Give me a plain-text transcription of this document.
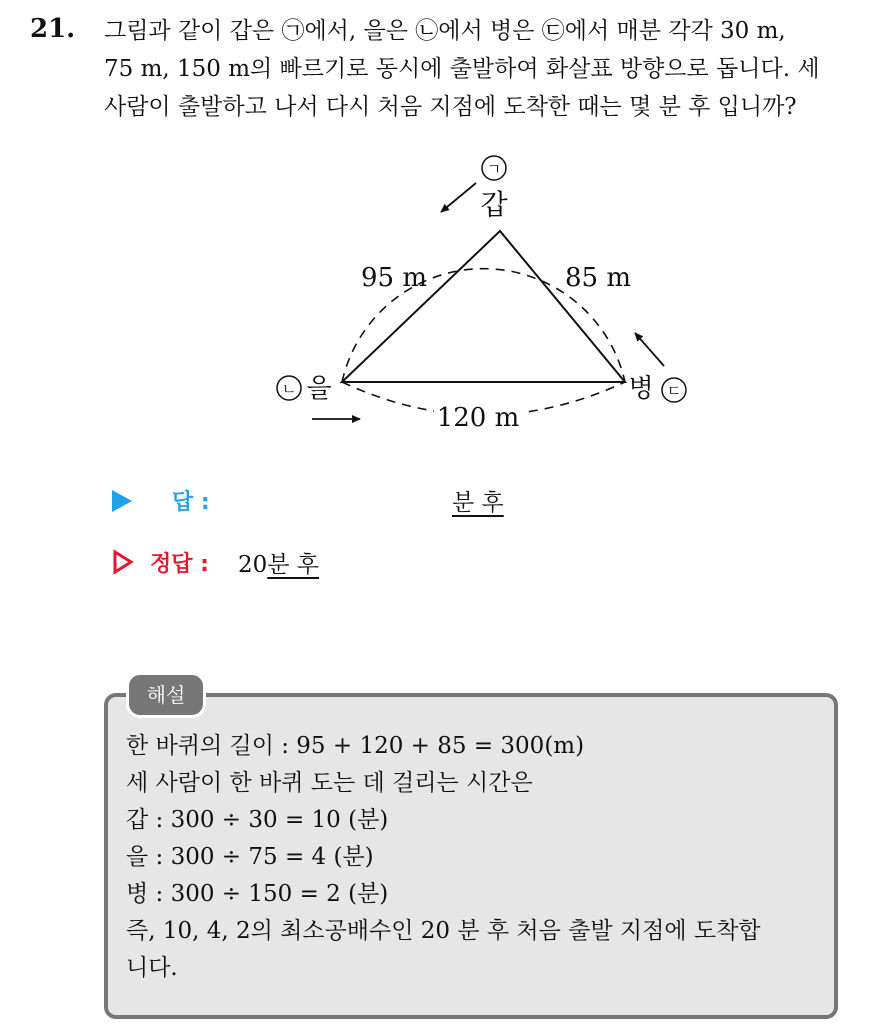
21. 그림과 같이 갑은 ㉠에서, 을은 ㉡에서 병은 ㉢에서 매분 각각 30 m,
75 m, 150 m의 빠르기로 동시에 출발하여 화살표 방향으로 돕니다. 세
사람이 출발하고 나서 다시 처음 지점에 도착한 때는 몇 분 후 입니까?
ㄱ
갑
ㄴ 을	병 ㄷ
95 m	85 m
120 m
답 :	분 후
정답 : 20분 후
해설
한 바퀴의 길이 : 95 + 120 + 85 = 300(m)
세 사람이 한 바퀴 도는 데 걸리는 시간은
갑 : 300 ÷ 30 = 10 (분)
을 : 300 ÷ 75 = 4 (분)
병 : 300 ÷ 150 = 2 (분)
즉, 10, 4, 2의 최소공배수인 20 분 후 처음 출발 지점에 도착합
니다.
